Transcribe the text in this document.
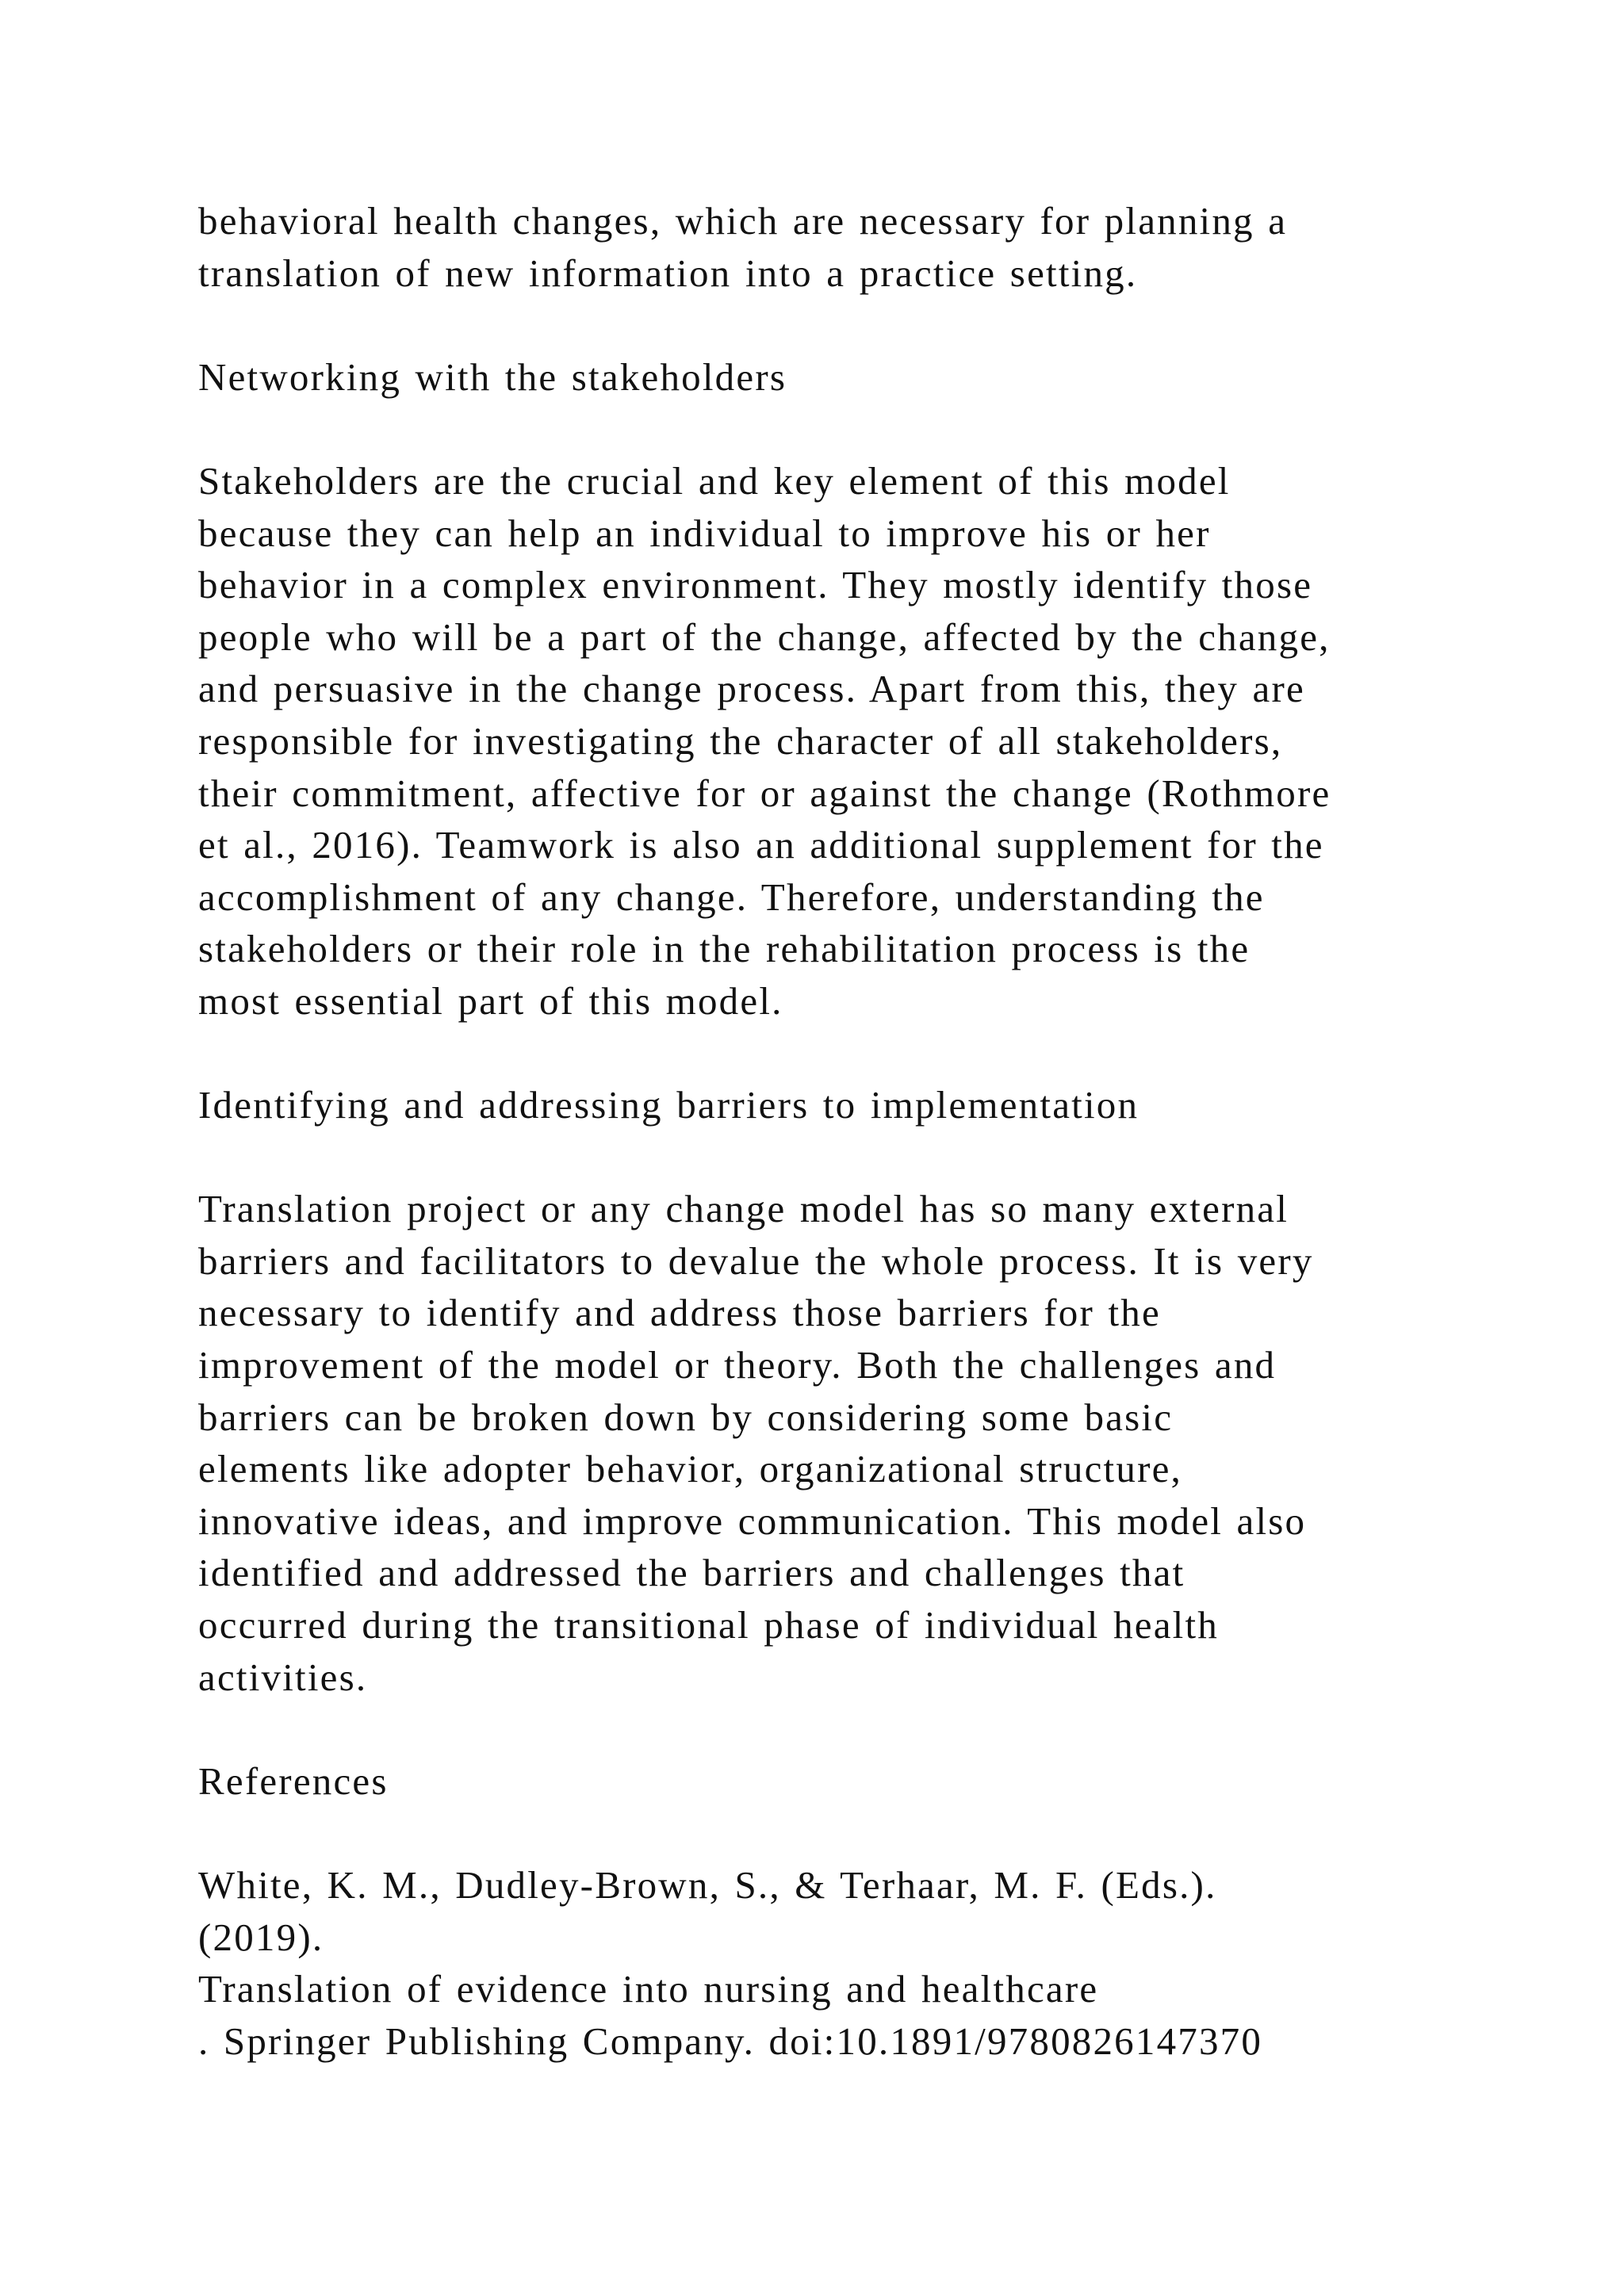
behavioral health changes, which are necessary for planning a
translation of new information into a practice setting.
Networking with the stakeholders
Stakeholders are the crucial and key element of this model
because they can help an individual to improve his or her
behavior in a complex environment. They mostly identify those
people who will be a part of the change, affected by the change,
and persuasive in the change process. Apart from this, they are
responsible for investigating the character of all stakeholders,
their commitment, affective for or against the change (Rothmore
et al., 2016). Teamwork is also an additional supplement for the
accomplishment of any change. Therefore, understanding the
stakeholders or their role in the rehabilitation process is the
most essential part of this model.
Identifying and addressing barriers to implementation
Translation project or any change model has so many external
barriers and facilitators to devalue the whole process. It is very
necessary to identify and address those barriers for the
improvement of the model or theory. Both the challenges and
barriers can be broken down by considering some basic
elements like adopter behavior, organizational structure,
innovative ideas, and improve communication. This model also
identified and addressed the barriers and challenges that
occurred during the transitional phase of individual health
activities.
References
White, K. M., Dudley-Brown, S., & Terhaar, M. F. (Eds.).
(2019).
Translation of evidence into nursing and healthcare
. Springer Publishing Company. doi:10.1891/9780826147370
